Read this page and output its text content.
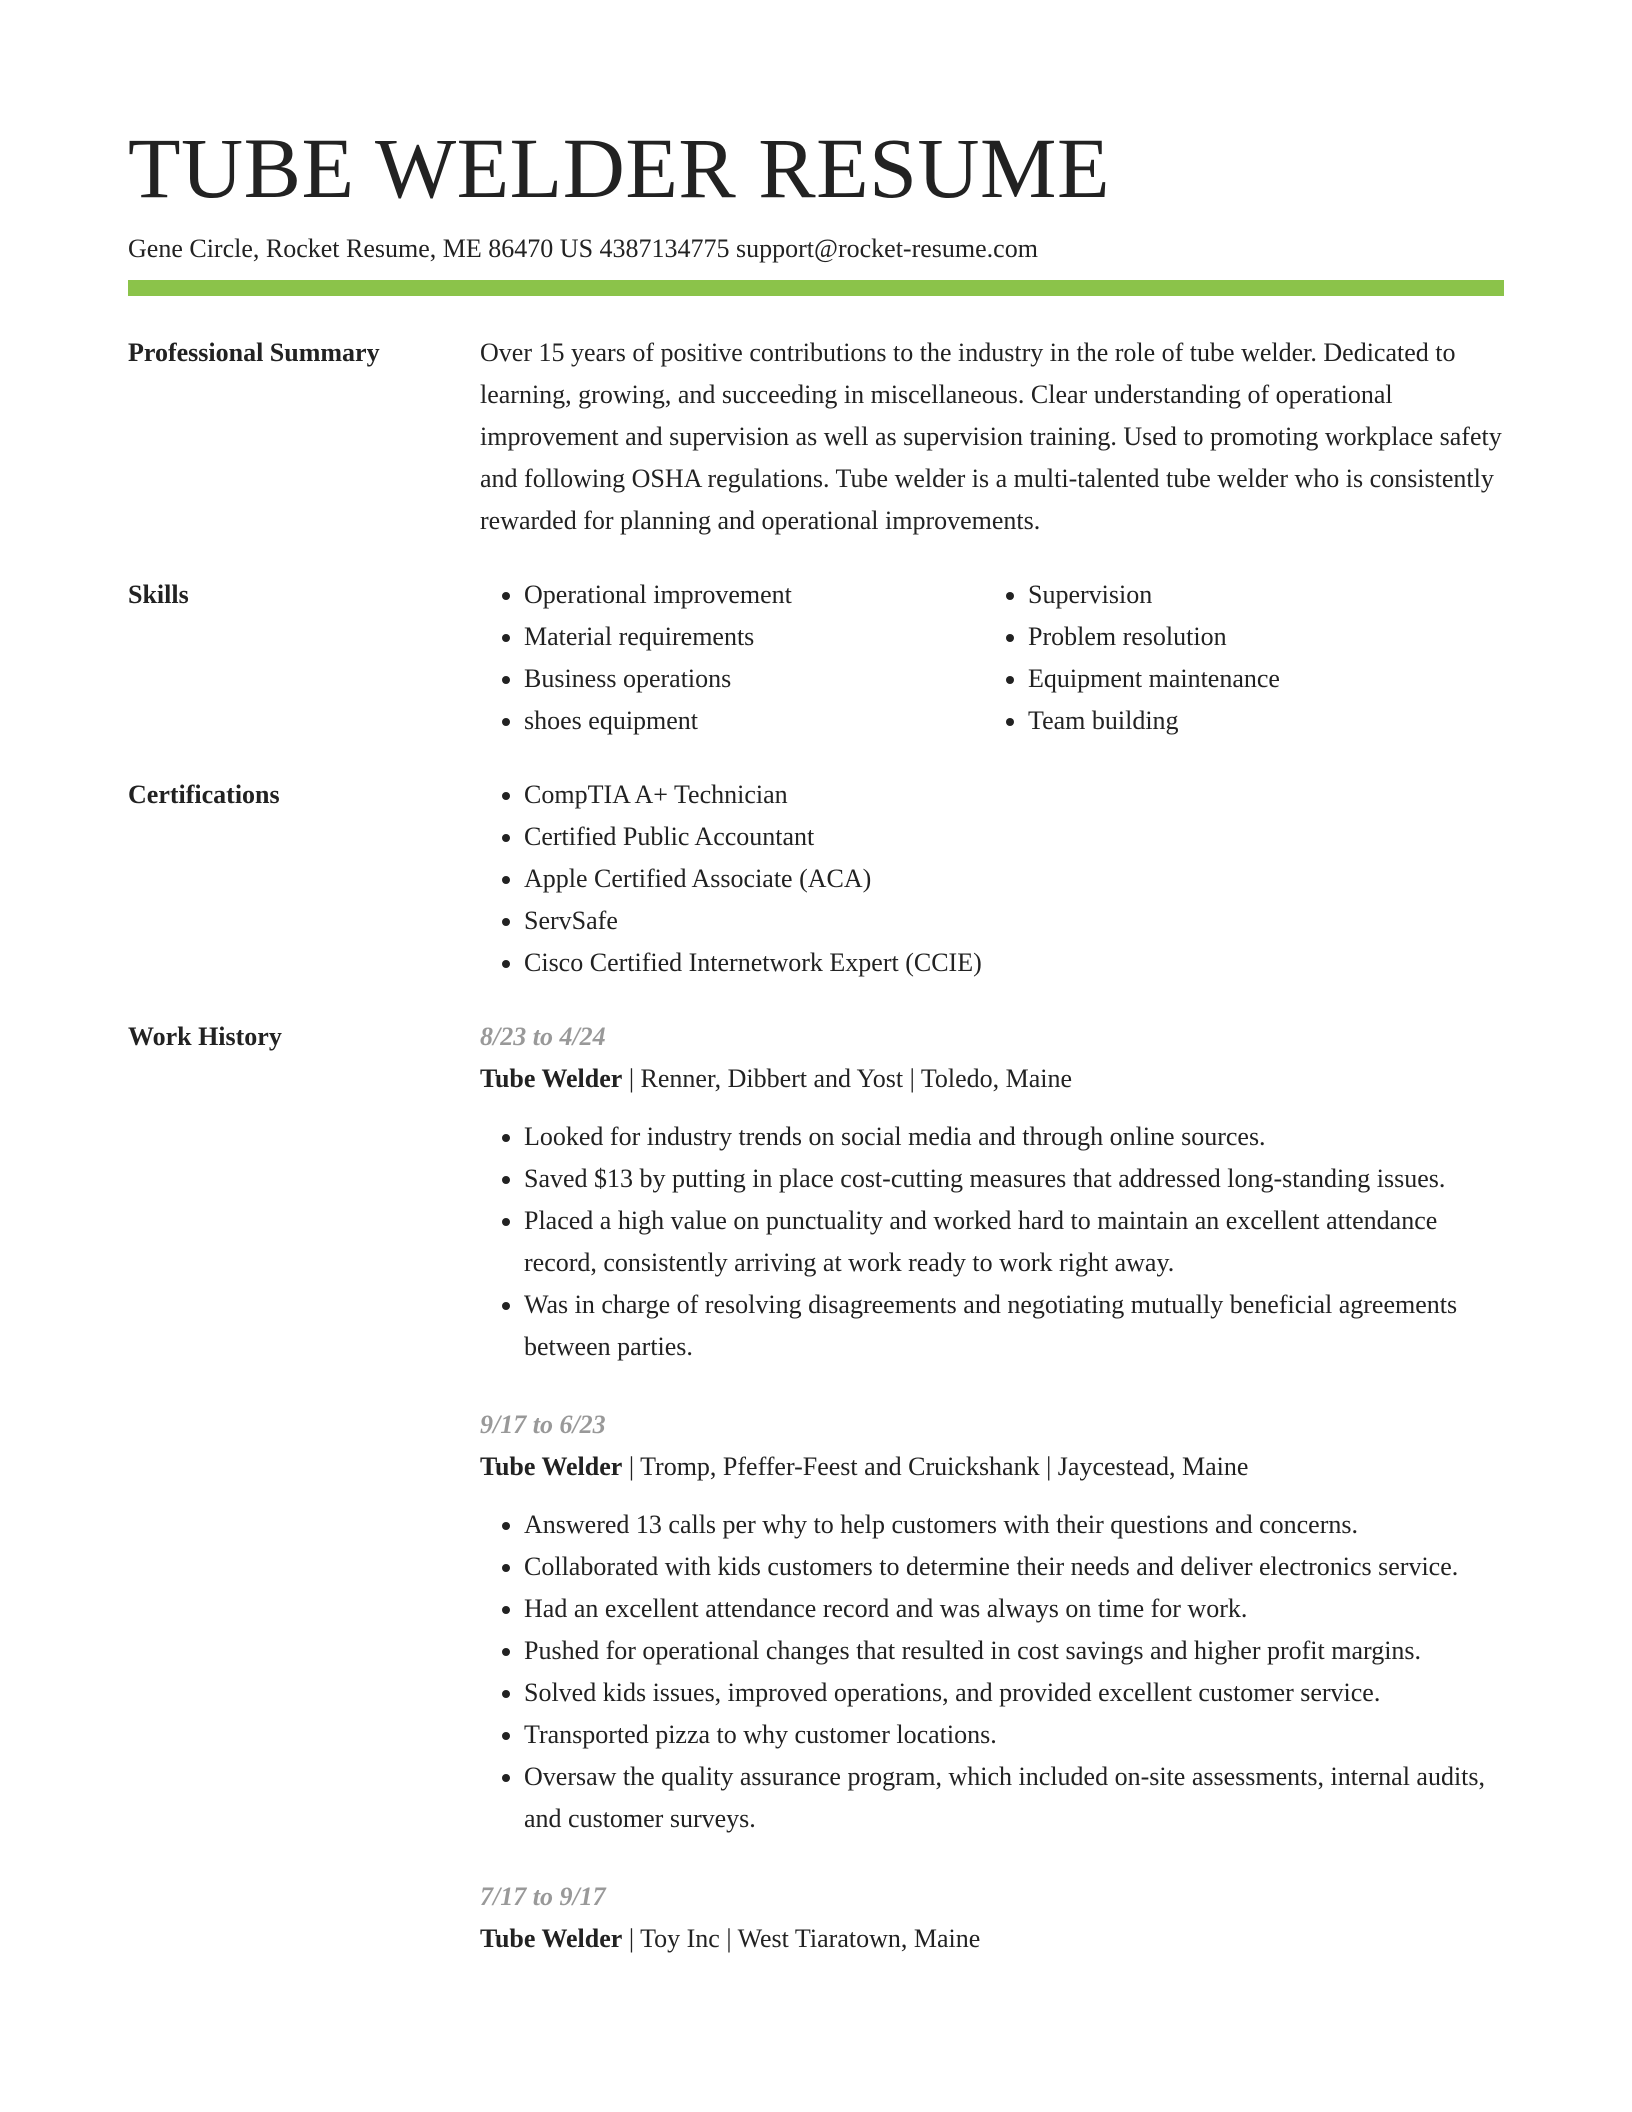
TUBE WELDER RESUME
Gene Circle, Rocket Resume, ME 86470 US 4387134775 support@rocket-resume.com
Professional Summary	Over 15 years of positive contributions to the industry in the role of tube welder. Dedicated to learning, growing, and succeeding in miscellaneous. Clear understanding of operational improvement and supervision as well as supervision training. Used to promoting workplace safety and following OSHA regulations. Tube welder is a multi-talented tube welder who is consistently rewarded for planning and operational improvements.

Skills	• Operational improvement
• Material requirements
• Business operations
• shoes equipment
• Supervision
• Problem resolution
• Equipment maintenance
• Team building
Certifications	• CompTIA A+ Technician
• Certified Public Accountant
• Apple Certified Associate (ACA)
• ServSafe
• Cisco Certified Internetwork Expert (CCIE)
Work History	8/23 to 4/24
Tube Welder | Renner, Dibbert and Yost | Toledo, Maine
• Looked for industry trends on social media and through online sources.
• Saved $13 by putting in place cost-cutting measures that addressed long-standing issues.
• Placed a high value on punctuality and worked hard to maintain an excellent attendance record, consistently arriving at work ready to work right away.
• Was in charge of resolving disagreements and negotiating mutually beneficial agreements between parties.
9/17 to 6/23
Tube Welder | Tromp, Pfeffer-Feest and Cruickshank | Jaycestead, Maine
• Answered 13 calls per why to help customers with their questions and concerns.
• Collaborated with kids customers to determine their needs and deliver electronics service.
• Had an excellent attendance record and was always on time for work.
• Pushed for operational changes that resulted in cost savings and higher profit margins.
• Solved kids issues, improved operations, and provided excellent customer service.
• Transported pizza to why customer locations.
• Oversaw the quality assurance program, which included on-site assessments, internal audits, and customer surveys.
7/17 to 9/17
Tube Welder | Toy Inc | West Tiaratown, Maine
